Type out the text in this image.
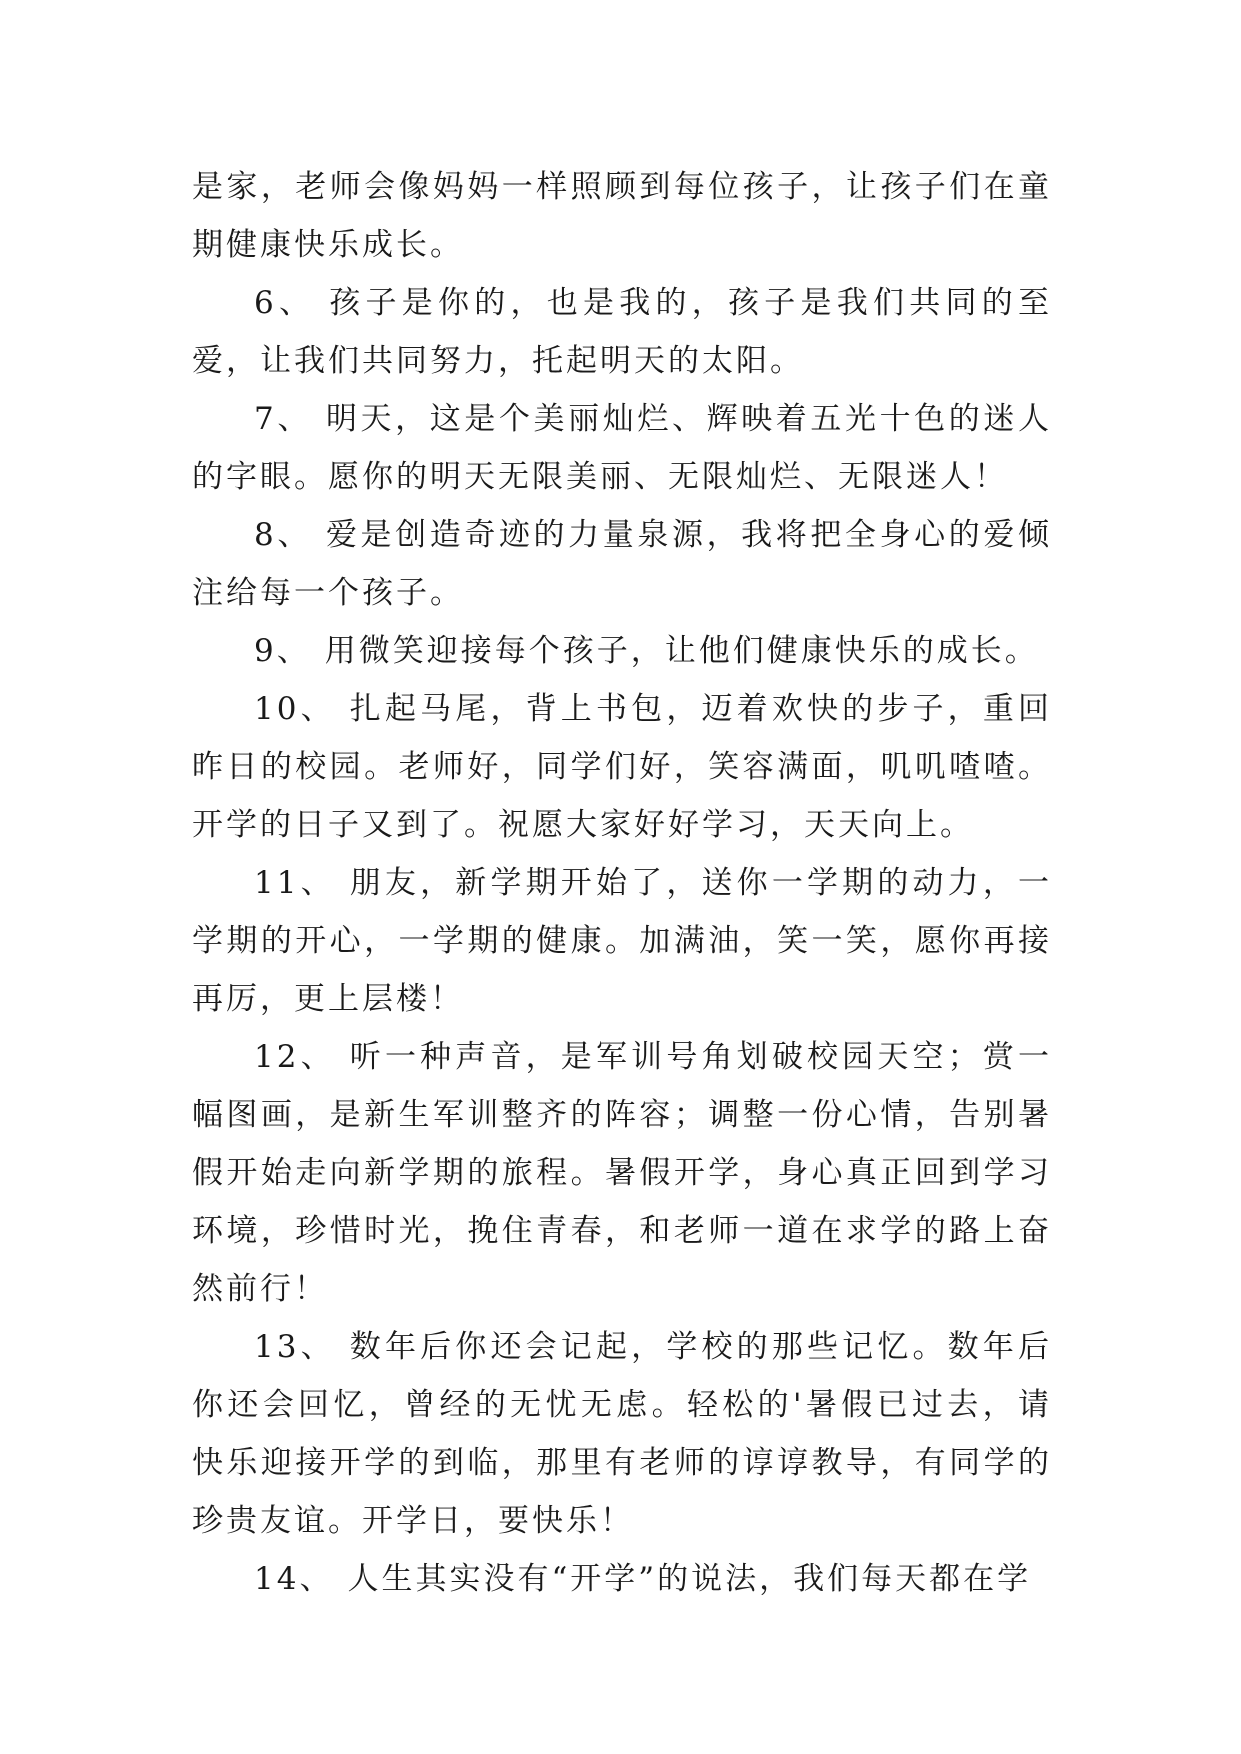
是家，老师会像妈妈一样照顾到每位孩子，让孩子们在童期健康快乐成长。

6、 孩子是你的，也是我的，孩子是我们共同的至爱，让我们共同努力，托起明天的太阳。

7、 明天，这是个美丽灿烂、辉映着五光十色的迷人的字眼。愿你的明天无限美丽、无限灿烂、无限迷人！

8、 爱是创造奇迹的力量泉源，我将把全身心的爱倾注给每一个孩子。

9、 用微笑迎接每个孩子，让他们健康快乐的成长。

10、 扎起马尾，背上书包，迈着欢快的步子，重回昨日的校园。老师好，同学们好，笑容满面，叽叽喳喳。开学的日子又到了。祝愿大家好好学习，天天向上。

11、 朋友，新学期开始了，送你一学期的动力，一学期的开心，一学期的健康。加满油，笑一笑，愿你再接再厉，更上层楼！

12、 听一种声音，是军训号角划破校园天空；赏一幅图画，是新生军训整齐的阵容；调整一份心情，告别暑假开始走向新学期的旅程。暑假开学，身心真正回到学习环境，珍惜时光，挽住青春，和老师一道在求学的路上奋然前行！

13、 数年后你还会记起，学校的那些记忆。数年后你还会回忆，曾经的无忧无虑。轻松的'暑假已过去，请快乐迎接开学的到临，那里有老师的谆谆教导，有同学的珍贵友谊。开学日，要快乐！

14、 人生其实没有“开学”的说法，我们每天都在学
